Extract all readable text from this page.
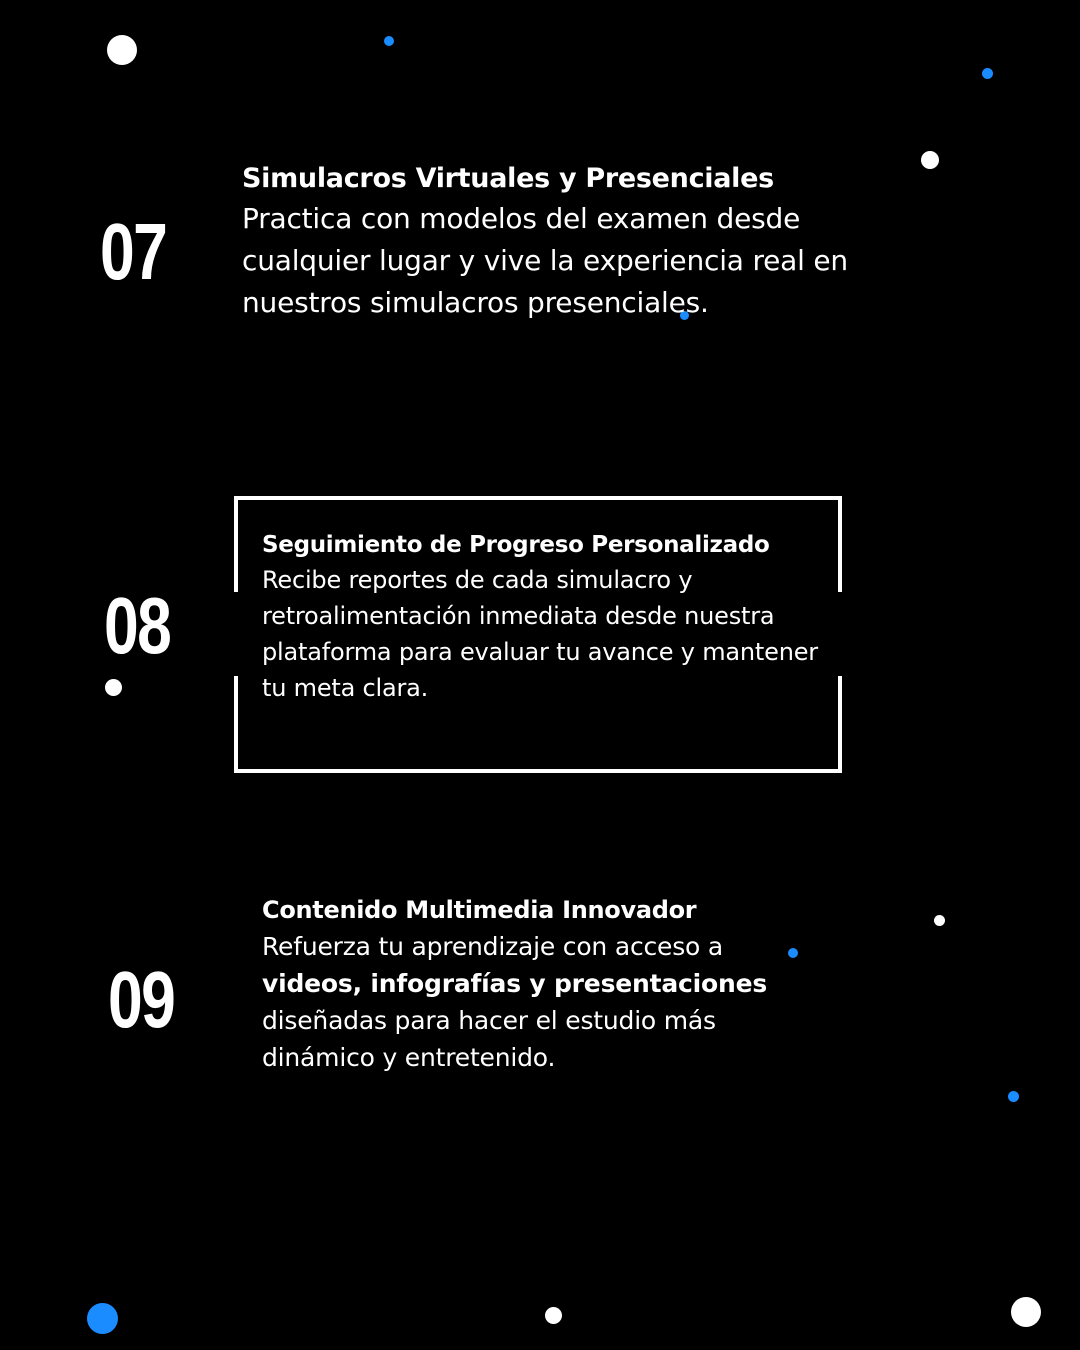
07
Simulacros Virtuales y Presenciales
Practica con modelos del examen desde cualquier lugar y vive la experiencia real en nuestros simulacros presenciales.
08
Seguimiento de Progreso Personalizado
Recibe reportes de cada simulacro y retroalimentación inmediata desde nuestra plataforma para evaluar tu avance y mantener tu meta clara.
09
Contenido Multimedia Innovador
Refuerza tu aprendizaje con acceso a videos, infografías y presentaciones diseñadas para hacer el estudio más dinámico y entretenido.
